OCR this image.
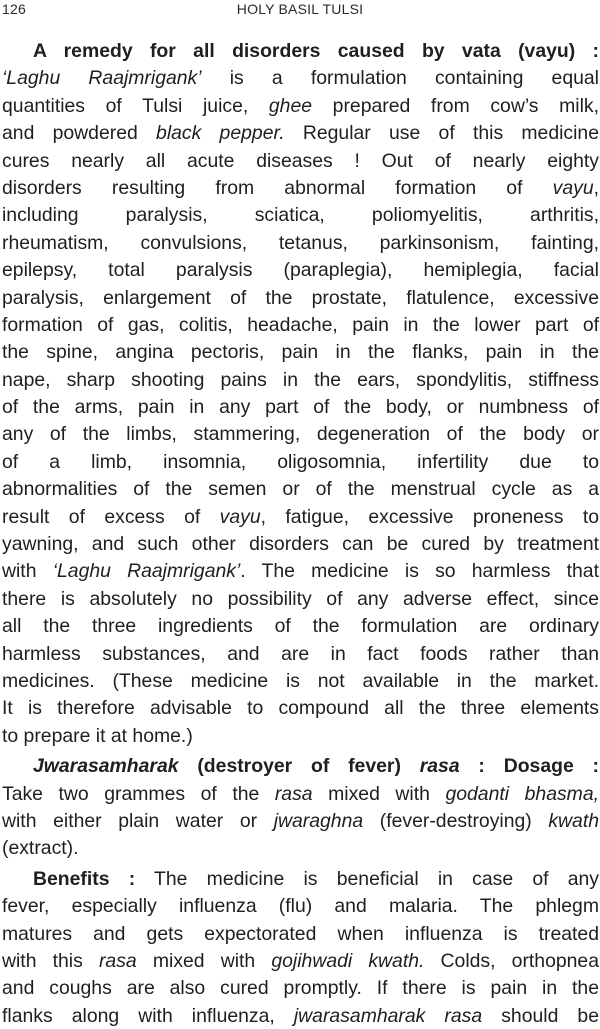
126	HOLY BASIL TULSI
A remedy for all disorders caused by vata (vayu) :
‘Laghu Raajmrigank’ is a formulation containing equal
quantities of Tulsi juice, ghee prepared from cow’s milk,
and powdered black pepper. Regular use of this medicine
cures nearly all acute diseases ! Out of nearly eighty
disorders resulting from abnormal formation of vayu,
including paralysis, sciatica, poliomyelitis, arthritis,
rheumatism, convulsions, tetanus, parkinsonism, fainting,
epilepsy, total paralysis (paraplegia), hemiplegia, facial
paralysis, enlargement of the prostate, flatulence, excessive
formation of gas, colitis, headache, pain in the lower part of
the spine, angina pectoris, pain in the flanks, pain in the
nape, sharp shooting pains in the ears, spondylitis, stiffness
of the arms, pain in any part of the body, or numbness of
any of the limbs, stammering, degeneration of the body or
of a limb, insomnia, oligosomnia, infertility due to
abnormalities of the semen or of the menstrual cycle as a
result of excess of vayu, fatigue, excessive proneness to
yawning, and such other disorders can be cured by treatment
with ‘Laghu Raajmrigank’. The medicine is so harmless that
there is absolutely no possibility of any adverse effect, since
all the three ingredients of the formulation are ordinary
harmless substances, and are in fact foods rather than
medicines. (These medicine is not available in the market.
It is therefore advisable to compound all the three elements
to prepare it at home.)
Jwarasamharak (destroyer of fever) rasa : Dosage :
Take two grammes of the rasa mixed with godanti bhasma,
with either plain water or jwaraghna (fever-destroying) kwath
(extract).
Benefits : The medicine is beneficial in case of any
fever, especially influenza (flu) and malaria. The phlegm
matures and gets expectorated when influenza is treated
with this rasa mixed with gojihwadi kwath. Colds, orthopnea
and coughs are also cured promptly. If there is pain in the
flanks along with influenza, jwarasamharak rasa should be
